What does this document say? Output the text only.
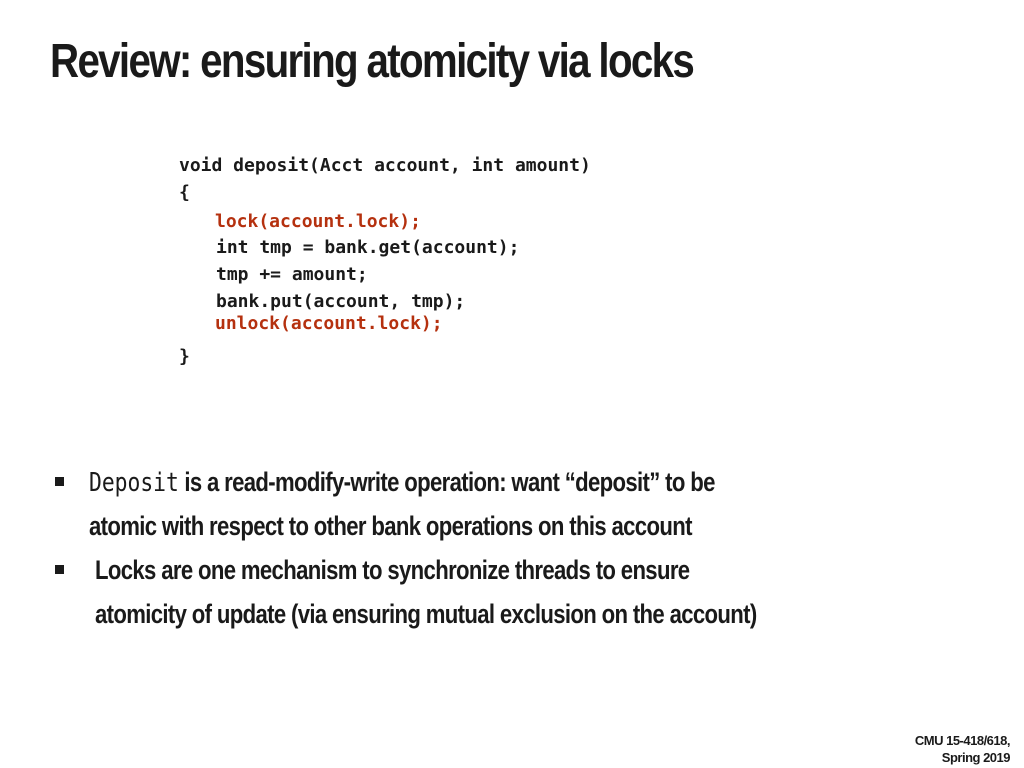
Review: ensuring atomicity via locks

void deposit(Acct account, int amount)

{

lock(account.lock);

int tmp = bank.get(account);

tmp += amount;

bank.put(account, tmp);

unlock(account.lock);

}

Deposit is a read-modify-write operation: want “deposit” to be
atomic with respect to other bank operations on this account
Locks are one mechanism to synchronize threads to ensure
atomicity of update (via ensuring mutual exclusion on the account)
CMU 15-418/618,
Spring 2019
